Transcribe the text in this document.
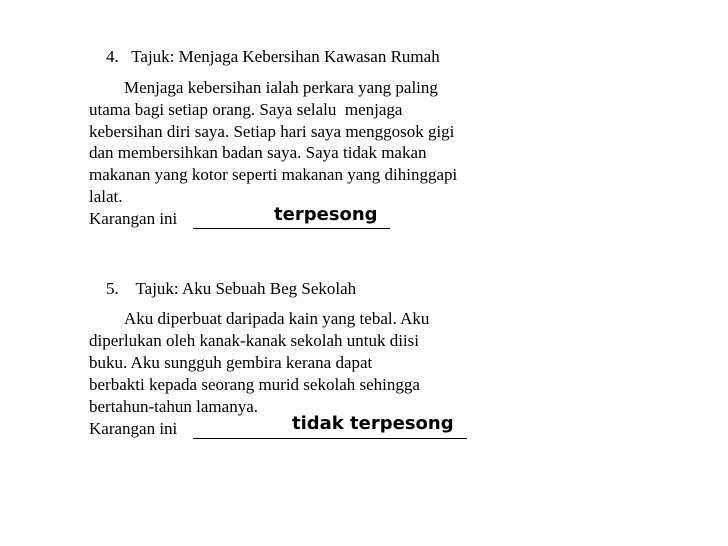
4. Tajuk: Menjaga Kebersihan Kawasan Rumah

Menjaga kebersihan ialah perkara yang paling
utama bagi setiap orang. Saya selalu  menjaga
kebersihan diri saya. Setiap hari saya menggosok gigi
dan membersihkan badan saya. Saya tidak makan
makanan yang kotor seperti makanan yang dihinggapi
lalat.
Karangan ini	terpesong

5. Tajuk: Aku Sebuah Beg Sekolah

Aku diperbuat daripada kain yang tebal. Aku
diperlukan oleh kanak-kanak sekolah untuk diisi
buku. Aku sungguh gembira kerana dapat
berbakti kepada seorang murid sekolah sehingga
bertahun-tahun lamanya.
Karangan ini	tidak terpesong
